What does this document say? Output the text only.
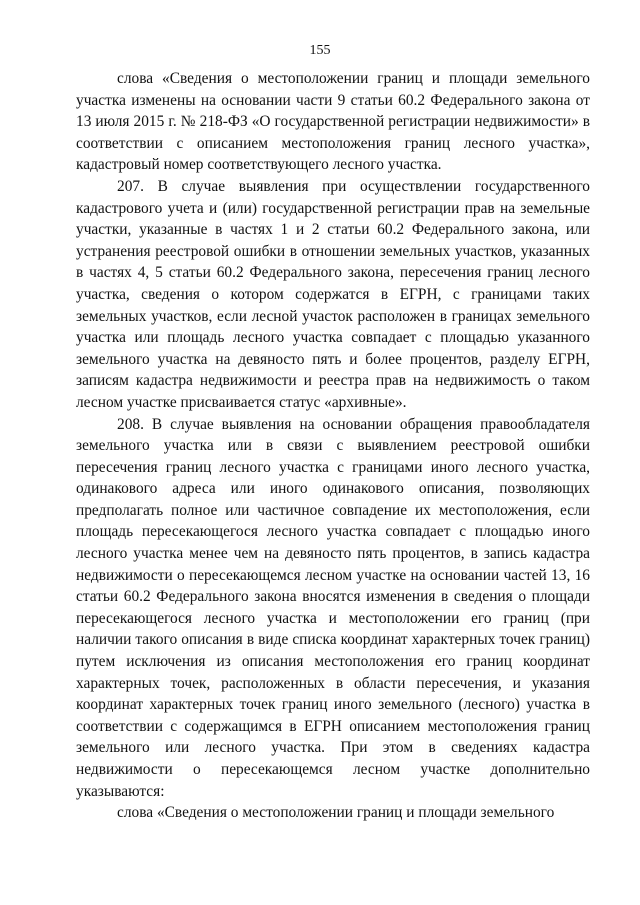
155

слова «Сведения о местоположении границ и площади земельного участка изменены на основании части 9 статьи 60.2 Федерального закона от 13 июля 2015 г. № 218-ФЗ «О государственной регистрации недвижимости» в соответствии с описанием местоположения границ лесного участка», кадастровый номер соответствующего лесного участка.

207. В случае выявления при осуществлении государственного кадастрового учета и (или) государственной регистрации прав на земельные участки, указанные в частях 1 и 2 статьи 60.2 Федерального закона, или устранения реестровой ошибки в отношении земельных участков, указанных в частях 4, 5 статьи 60.2 Федерального закона, пересечения границ лесного участка, сведения о котором содержатся в ЕГРН, с границами таких земельных участков, если лесной участок расположен в границах земельного участка или площадь лесного участка совпадает с площадью указанного земельного участка на девяносто пять и более процентов, разделу ЕГРН, записям кадастра недвижимости и реестра прав на недвижимость о таком лесном участке присваивается статус «архивные».

208. В случае выявления на основании обращения правообладателя земельного участка или в связи с выявлением реестровой ошибки пересечения границ лесного участка с границами иного лесного участка, одинакового адреса или иного одинакового описания, позволяющих предполагать полное или частичное совпадение их местоположения, если площадь пересекающегося лесного участка совпадает с площадью иного лесного участка менее чем на девяносто пять процентов, в запись кадастра недвижимости о пересекающемся лесном участке на основании частей 13, 16 статьи 60.2 Федерального закона вносятся изменения в сведения о площади пересекающегося лесного участка и местоположении его границ (при наличии такого описания в виде списка координат характерных точек границ) путем исключения из описания местоположения его границ координат характерных точек, расположенных в области пересечения, и указания координат характерных точек границ иного земельного (лесного) участка в соответствии с содержащимся в ЕГРН описанием местоположения границ земельного или лесного участка. При этом в сведениях кадастра недвижимости о пересекающемся лесном участке дополнительно указываются:

слова «Сведения о местоположении границ и площади земельного
